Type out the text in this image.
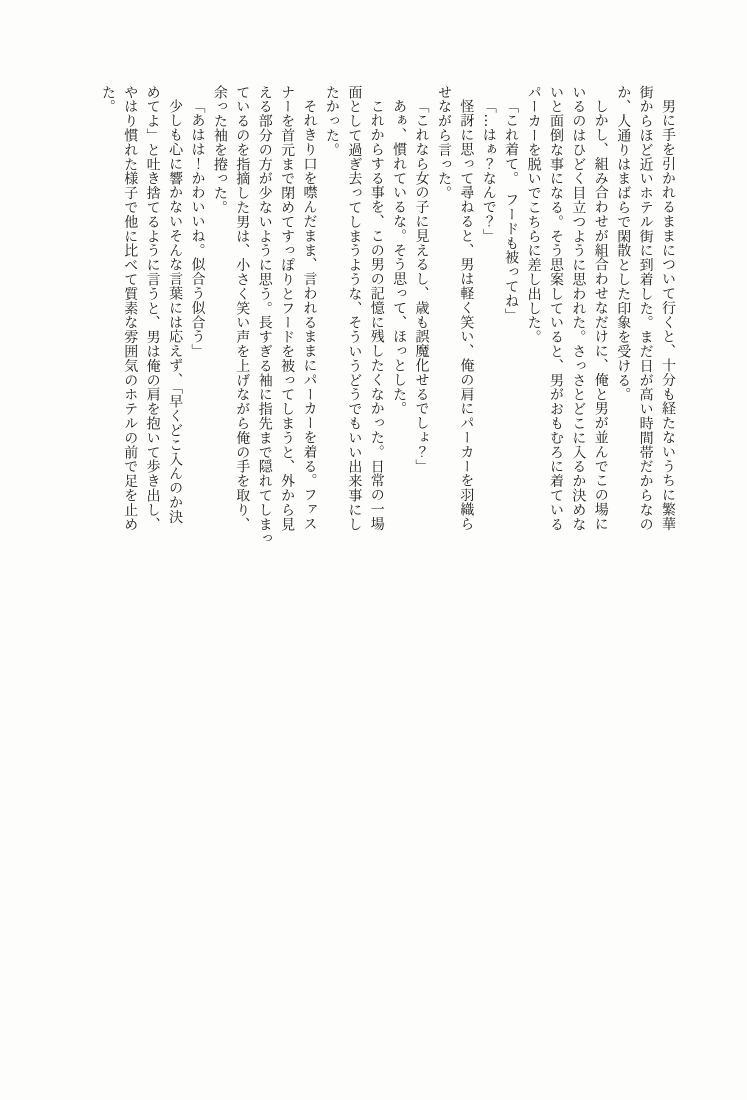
男に手を引かれるままについて行くと、十分も経たないうちに繁華

街からほど近いホテル街に到着した。まだ日が高い時間帯だからなの

か、人通りはまばらで閑散とした印象を受ける。

しかし、組み合わせが組合わせなだけに、俺と男が並んでこの場に

いるのはひどく目立つように思われた。さっさとどこに入るか決めな

いと面倒な事になる。そう思案していると、男がおもむろに着ている

パーカーを脱いでこちらに差し出した。

「これ着て。　フードも被ってね」

「…はぁ？なんで？」

怪訝に思って尋ねると、男は軽く笑い、俺の肩にパーカーを羽織ら

せながら言った。

「これなら女の子に見えるし、歳も誤魔化せるでしょ？」

あぁ、慣れているな。そう思って、ほっとした。

これからする事を、この男の記憶に残したくなかった。日常の一場

面として過ぎ去ってしまうような、そういうどうでもいい出来事にし

たかった。

それきり口を噤んだまま、言われるままにパーカーを着る。ファス

ナーを首元まで閉めてすっぽりとフードを被ってしまうと、外から見

える部分の方が少ないように思う。長すぎる袖に指先まで隠れてしまっ

ているのを指摘した男は、小さく笑い声を上げながら俺の手を取り、

余った袖を捲った。

「あはは！かわいいね。似合う似合う」

少しも心に響かないそんな言葉には応えず、「早くどこ入んのか決

めてよ」と吐き捨てるように言うと、男は俺の肩を抱いて歩き出し、

やはり慣れた様子で他に比べて質素な雰囲気のホテルの前で足を止め

た。
